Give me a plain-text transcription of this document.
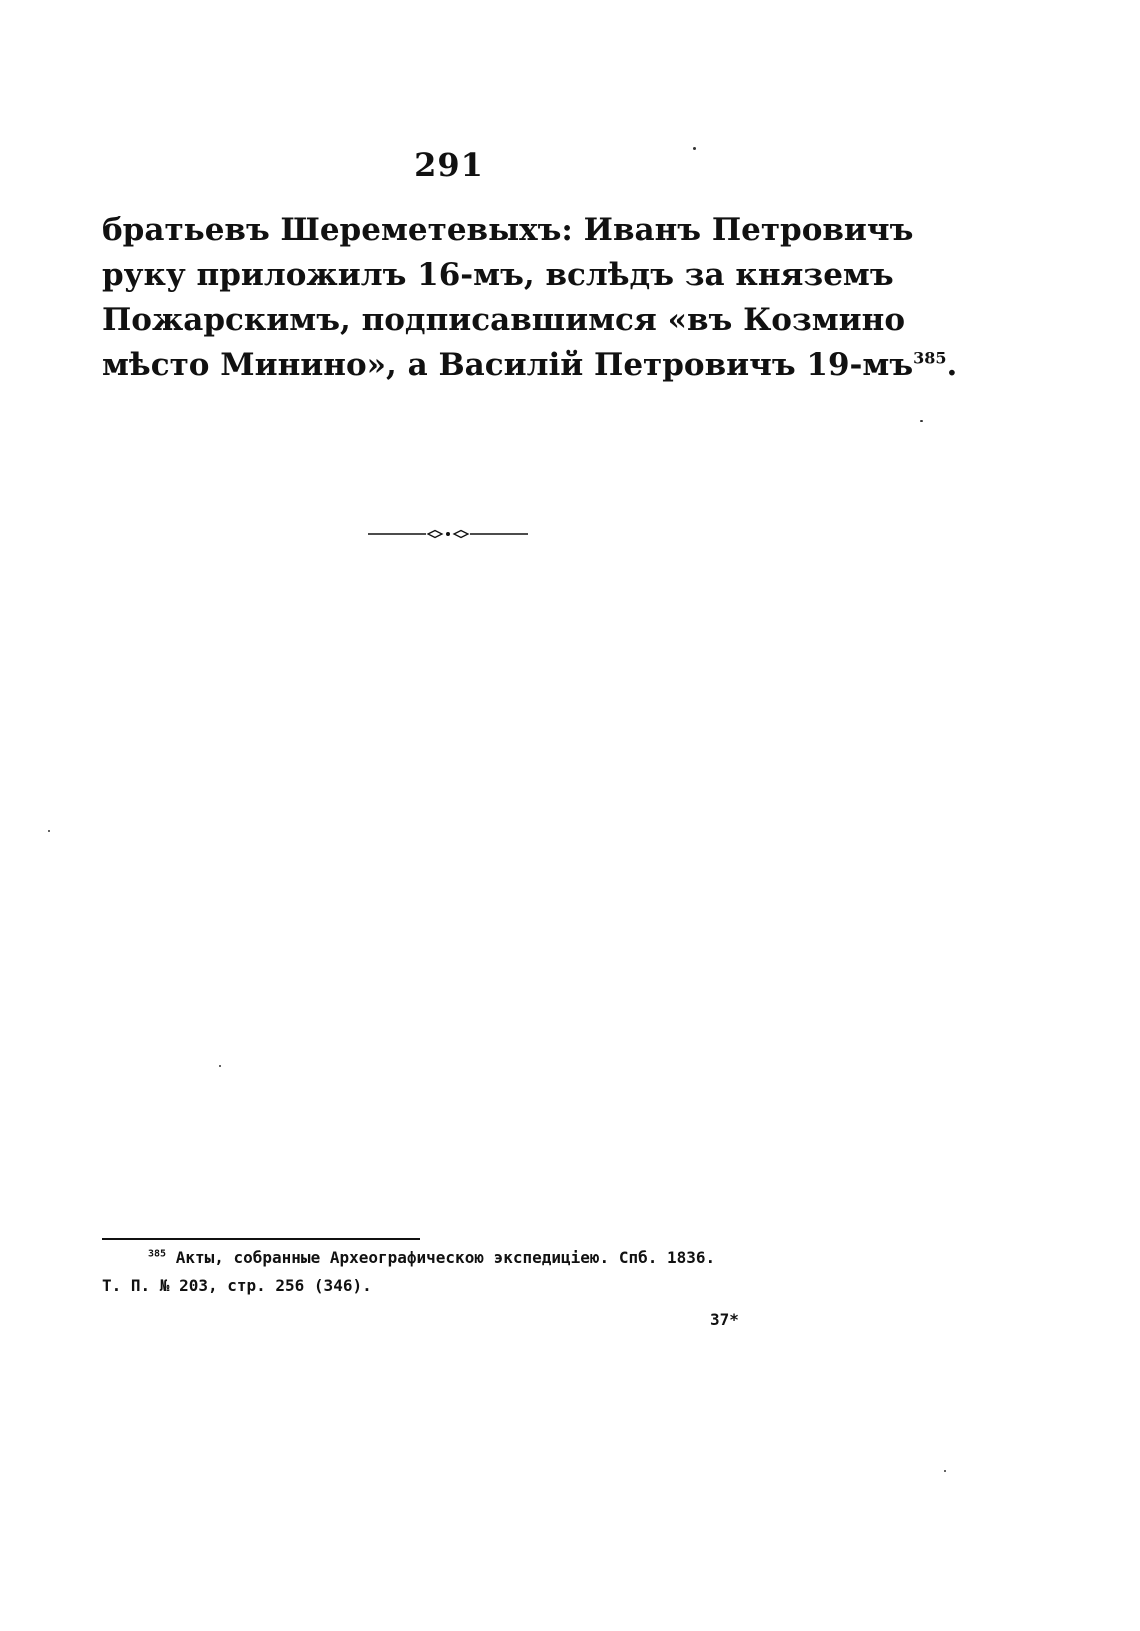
291
братьевъ Шереметевыхъ: Иванъ Петровичъ
руку приложилъ 16-мъ, вслѣдъ за княземъ
Пожарскимъ, подписавшимся «въ Козмино
мѣсто Минино», а Василій Петровичъ 19-мъ$^{385}$.
$^{385}$ Акты, собранные Археографическою экспедиціею. Спб. 1836.
Т. П. № 203, стр. 256 (346).
37*
